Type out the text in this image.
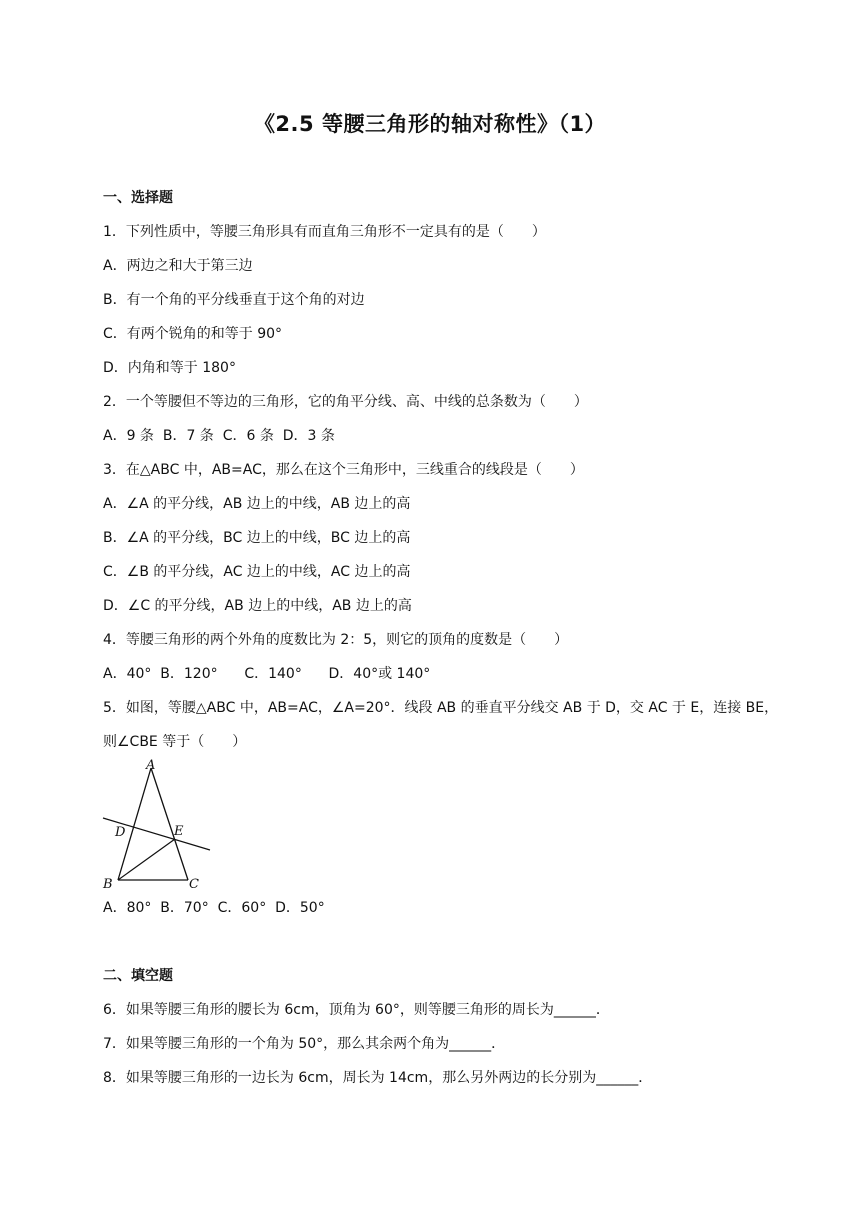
《2.5 等腰三角形的轴对称性》（1）
一、选择题
1．下列性质中，等腰三角形具有而直角三角形不一定具有的是（　　）
A．两边之和大于第三边
B．有一个角的平分线垂直于这个角的对边
C．有两个锐角的和等于 90°
D．内角和等于 180°
2．一个等腰但不等边的三角形，它的角平分线、高、中线的总条数为（　　）
A．9 条  B．7 条  C．6 条  D．3 条
3．在△ABC 中，AB=AC，那么在这个三角形中，三线重合的线段是（　　）
A．∠A 的平分线，AB 边上的中线，AB 边上的高
B．∠A 的平分线，BC 边上的中线，BC 边上的高
C．∠B 的平分线，AC 边上的中线，AC 边上的高
D．∠C 的平分线，AB 边上的中线，AB 边上的高
4．等腰三角形的两个外角的度数比为 2：5，则它的顶角的度数是（　　）
A．40°  B．120°      C．140°      D．40°或 140°
5．如图，等腰△ABC 中，AB=AC，∠A=20°．线段 AB 的垂直平分线交 AB 于 D，交 AC 于 E，连接 BE，
则∠CBE 等于（　　）
A
D	E
B	C
A．80°  B．70°  C．60°  D．50°
二、填空题
6．如果等腰三角形的腰长为 6cm，顶角为 60°，则等腰三角形的周长为______．
7．如果等腰三角形的一个角为 50°，那么其余两个角为______．
8．如果等腰三角形的一边长为 6cm，周长为 14cm，那么另外两边的长分别为______．
